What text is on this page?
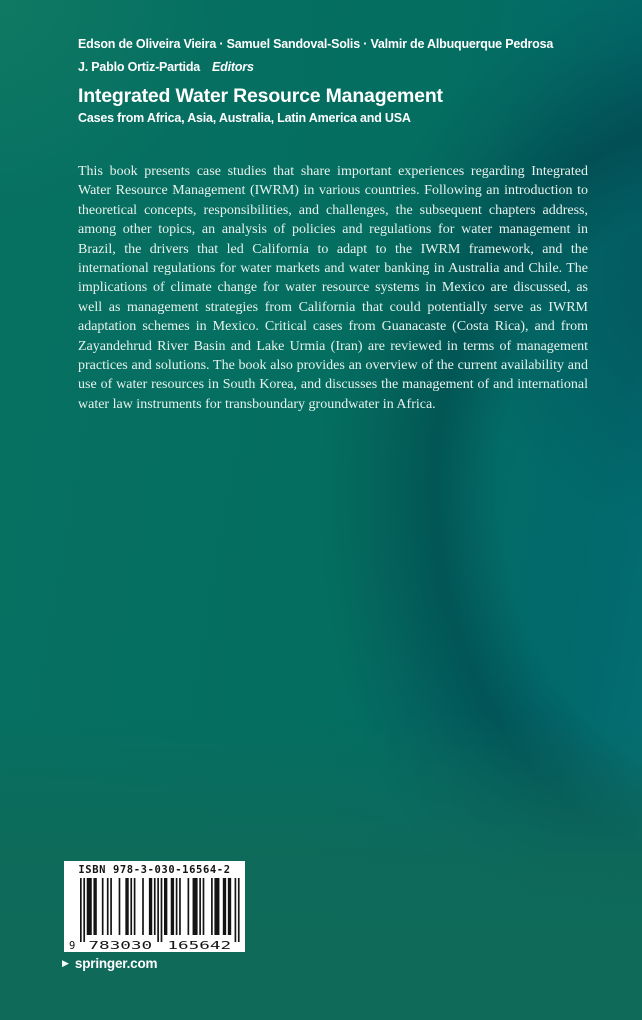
Edson de Oliveira Vieira · Samuel Sandoval-Solis · Valmir de Albuquerque Pedrosa

J. Pablo Ortiz-Partida Editors

Integrated Water Resource Management

Cases from Africa, Asia, Australia, Latin America and USA

This book presents case studies that share important experiences regarding Integrated Water Resource Management (IWRM) in various countries. Following an introduction to theoretical concepts, responsibilities, and challenges, the subsequent chapters address, among other topics, an analysis of policies and regulations for water management in Brazil, the drivers that led California to adapt to the IWRM framework, and the international regulations for water markets and water banking in Australia and Chile. The implications of climate change for water resource systems in Mexico are discussed, as well as management strategies from California that could potentially serve as IWRM adaptation schemes in Mexico. Critical cases from Guanacaste (Costa Rica), and from Zayandehrud River Basin and Lake Urmia (Iran) are reviewed in terms of management practices and solutions. The book also provides an overview of the current availability and use of water resources in South Korea, and discusses the management of and international water law instruments for transboundary groundwater in Africa.

ISBN 978-3-030-16564-2
9 783030 165642
▶ springer.com
